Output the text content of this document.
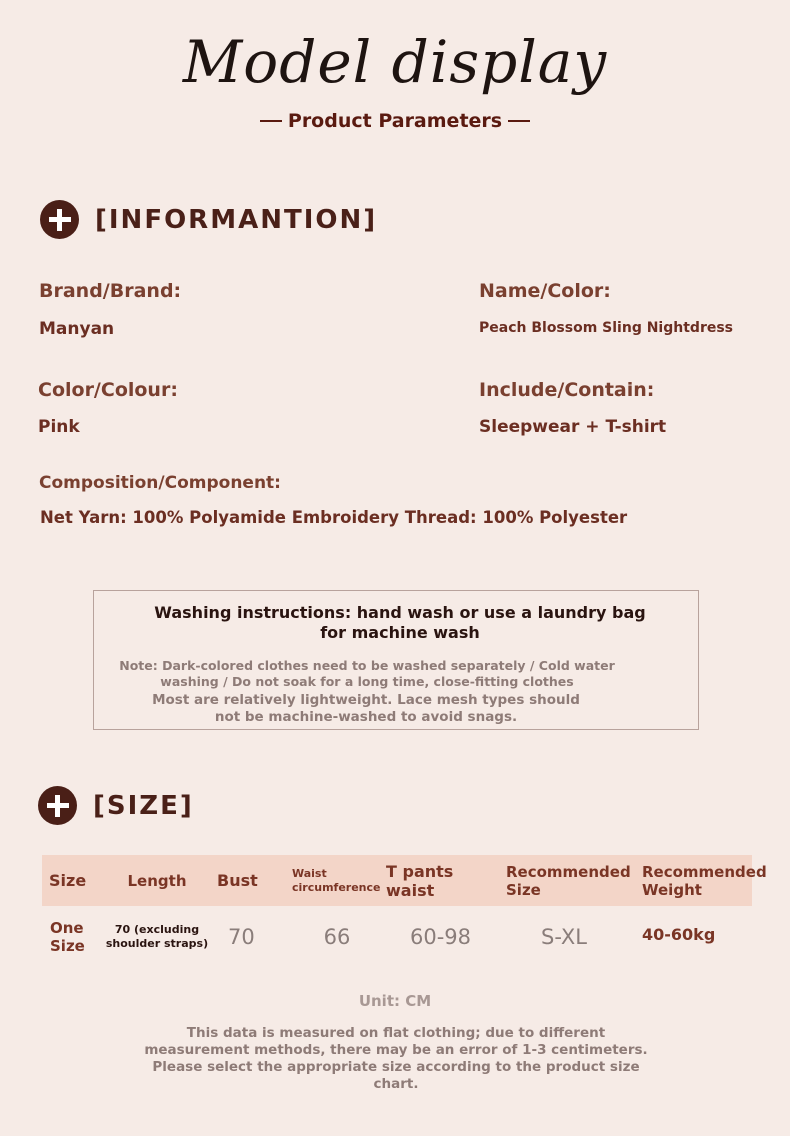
Model display
Product Parameters
[INFORMANTION]
Brand/Brand:
Manyan
Name/Color:
Peach Blossom Sling Nightdress
Color/Colour:
Pink
Include/Contain:
Sleepwear + T-shirt
Composition/Component:
Net Yarn: 100% Polyamide Embroidery Thread: 100% Polyester
Washing instructions: hand wash or use a laundry bag for machine wash
Note: Dark-colored clothes need to be washed separately / Cold water washing / Do not soak for a long time, close-fitting clothes
Most are relatively lightweight. Lace mesh types should not be machine-washed to avoid snags.
[SIZE]
Size	Length	Bust	Waist circumference	T pants waist	Recommended Size	Recommended Weight

One Size	70 (excluding shoulder straps)	70	66	60-98	S-XL	40-60kg
Unit: CM
This data is measured on flat clothing; due to different measurement methods, there may be an error of 1-3 centimeters. Please select the appropriate size according to the product size chart.
